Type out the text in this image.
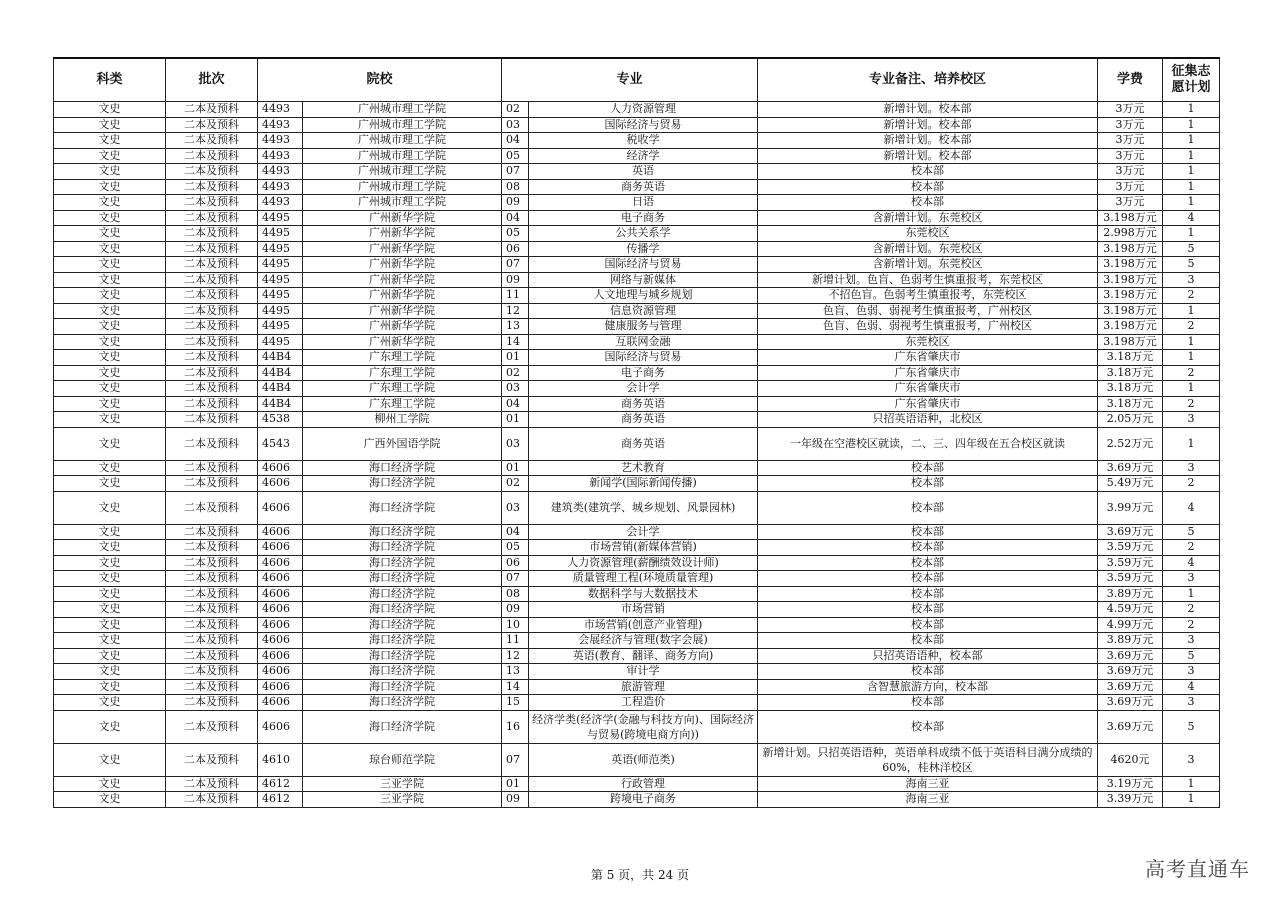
科类	批次	院校		专业		专业备注、培养校区	学费	征集志愿计划
文史	二本及预科	4493	广州城市理工学院	02	人力资源管理	新增计划。校本部	3万元	1
文史	二本及预科	4493	广州城市理工学院	03	国际经济与贸易	新增计划。校本部	3万元	1
文史	二本及预科	4493	广州城市理工学院	04	税收学	新增计划。校本部	3万元	1
文史	二本及预科	4493	广州城市理工学院	05	经济学	新增计划。校本部	3万元	1
文史	二本及预科	4493	广州城市理工学院	07	英语	校本部	3万元	1
文史	二本及预科	4493	广州城市理工学院	08	商务英语	校本部	3万元	1
文史	二本及预科	4493	广州城市理工学院	09	日语	校本部	3万元	1
文史	二本及预科	4495	广州新华学院	04	电子商务	含新增计划。东莞校区	3.198万元	4
文史	二本及预科	4495	广州新华学院	05	公共关系学	东莞校区	2.998万元	1
文史	二本及预科	4495	广州新华学院	06	传播学	含新增计划。东莞校区	3.198万元	5
文史	二本及预科	4495	广州新华学院	07	国际经济与贸易	含新增计划。东莞校区	3.198万元	5
文史	二本及预科	4495	广州新华学院	09	网络与新媒体	新增计划。色盲、色弱考生慎重报考，东莞校区	3.198万元	3
文史	二本及预科	4495	广州新华学院	11	人文地理与城乡规划	不招色盲。色弱考生慎重报考，东莞校区	3.198万元	2
文史	二本及预科	4495	广州新华学院	12	信息资源管理	色盲、色弱、弱视考生慎重报考，广州校区	3.198万元	1
文史	二本及预科	4495	广州新华学院	13	健康服务与管理	色盲、色弱、弱视考生慎重报考，广州校区	3.198万元	2
文史	二本及预科	4495	广州新华学院	14	互联网金融	东莞校区	3.198万元	1
文史	二本及预科	44B4	广东理工学院	01	国际经济与贸易	广东省肇庆市	3.18万元	1
文史	二本及预科	44B4	广东理工学院	02	电子商务	广东省肇庆市	3.18万元	2
文史	二本及预科	44B4	广东理工学院	03	会计学	广东省肇庆市	3.18万元	1
文史	二本及预科	44B4	广东理工学院	04	商务英语	广东省肇庆市	3.18万元	2
文史	二本及预科	4538	柳州工学院	01	商务英语	只招英语语种，北校区	2.05万元	3
文史	二本及预科	4543	广西外国语学院	03	商务英语	一年级在空港校区就读，二、三、四年级在五合校区就读	2.52万元	1
文史	二本及预科	4606	海口经济学院	01	艺术教育	校本部	3.69万元	3
文史	二本及预科	4606	海口经济学院	02	新闻学(国际新闻传播)	校本部	5.49万元	2
文史	二本及预科	4606	海口经济学院	03	建筑类(建筑学、城乡规划、风景园林)	校本部	3.99万元	4
文史	二本及预科	4606	海口经济学院	04	会计学	校本部	3.69万元	5
文史	二本及预科	4606	海口经济学院	05	市场营销(新媒体营销)	校本部	3.59万元	2
文史	二本及预科	4606	海口经济学院	06	人力资源管理(薪酬绩效设计师)	校本部	3.59万元	4
文史	二本及预科	4606	海口经济学院	07	质量管理工程(环境质量管理)	校本部	3.59万元	3
文史	二本及预科	4606	海口经济学院	08	数据科学与大数据技术	校本部	3.89万元	1
文史	二本及预科	4606	海口经济学院	09	市场营销	校本部	4.59万元	2
文史	二本及预科	4606	海口经济学院	10	市场营销(创意产业管理)	校本部	4.99万元	2
文史	二本及预科	4606	海口经济学院	11	会展经济与管理(数字会展)	校本部	3.89万元	3
文史	二本及预科	4606	海口经济学院	12	英语(教育、翻译、商务方向)	只招英语语种，校本部	3.69万元	5
文史	二本及预科	4606	海口经济学院	13	审计学	校本部	3.69万元	3
文史	二本及预科	4606	海口经济学院	14	旅游管理	含智慧旅游方向，校本部	3.69万元	4
文史	二本及预科	4606	海口经济学院	15	工程造价	校本部	3.69万元	3
文史	二本及预科	4606	海口经济学院	16	经济学类(经济学(金融与科技方向)、国际经济与贸易(跨境电商方向))	校本部	3.69万元	5
文史	二本及预科	4610	琼台师范学院	07	英语(师范类)	新增计划。只招英语语种，英语单科成绩不低于英语科目满分成绩的60%，桂林洋校区	4620元	3
文史	二本及预科	4612	三亚学院	01	行政管理	海南三亚	3.19万元	1
文史	二本及预科	4612	三亚学院	09	跨境电子商务	海南三亚	3.39万元	1
第 5 页，共 24 页	高考直通车
